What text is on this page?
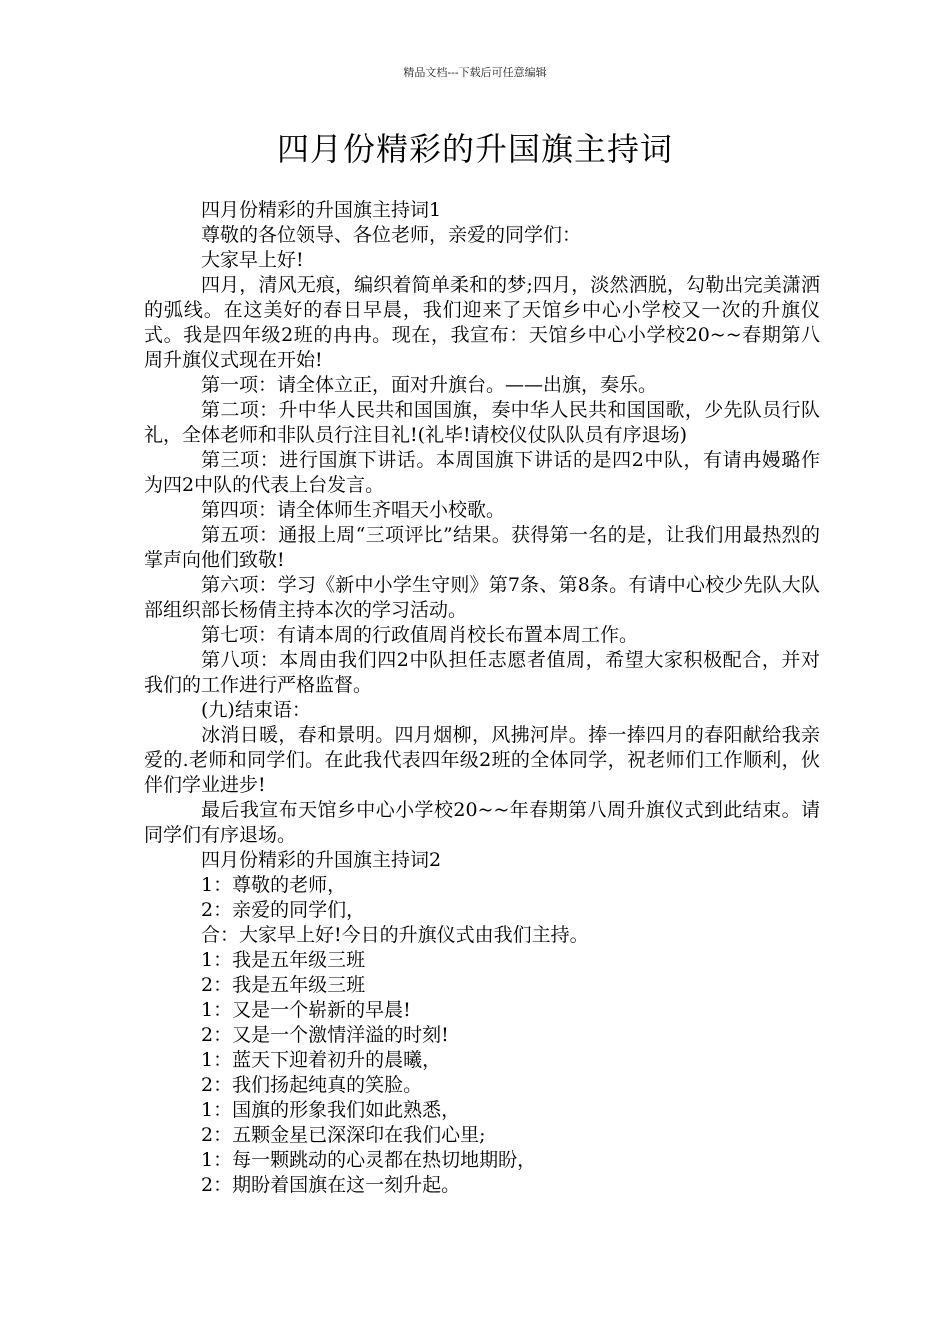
精品文档---下载后可任意编辑
四月份精彩的升国旗主持词

四月份精彩的升国旗主持词1

尊敬的各位领导、各位老师，亲爱的同学们：

大家早上好!

四月，清风无痕，编织着简单柔和的梦;四月，淡然洒脱，勾勒出完美潇洒的弧线。在这美好的春日早晨，我们迎来了天馆乡中心小学校又一次的升旗仪式。我是四年级2班的冉冉。现在，我宣布：天馆乡中心小学校20~~春期第八周升旗仪式现在开始!

第一项：请全体立正，面对升旗台。——出旗，奏乐。

第二项：升中华人民共和国国旗，奏中华人民共和国国歌，少先队员行队礼，全体老师和非队员行注目礼!(礼毕!请校仪仗队队员有序退场)

第三项：进行国旗下讲话。本周国旗下讲话的是四2中队，有请冉嫚璐作为四2中队的代表上台发言。

第四项：请全体师生齐唱天小校歌。

第五项：通报上周“三项评比”结果。获得第一名的是，让我们用最热烈的掌声向他们致敬!

第六项：学习《新中小学生守则》第7条、第8条。有请中心校少先队大队部组织部长杨倩主持本次的学习活动。

第七项：有请本周的行政值周肖校长布置本周工作。

第八项：本周由我们四2中队担任志愿者值周，希望大家积极配合，并对我们的工作进行严格监督。

(九)结束语：

冰消日暖，春和景明。四月烟柳，风拂河岸。捧一捧四月的春阳献给我亲爱的.老师和同学们。在此我代表四年级2班的全体同学，祝老师们工作顺利，伙伴们学业进步!

最后我宣布天馆乡中心小学校20~~年春期第八周升旗仪式到此结束。请同学们有序退场。

四月份精彩的升国旗主持词2

1：尊敬的老师，

2：亲爱的同学们，

合：大家早上好!今日的升旗仪式由我们主持。

1：我是五年级三班

2：我是五年级三班

1：又是一个崭新的早晨!

2：又是一个激情洋溢的时刻!

1：蓝天下迎着初升的晨曦，

2：我们扬起纯真的笑脸。

1：国旗的形象我们如此熟悉，

2：五颗金星已深深印在我们心里;

1：每一颗跳动的心灵都在热切地期盼，

2：期盼着国旗在这一刻升起。
